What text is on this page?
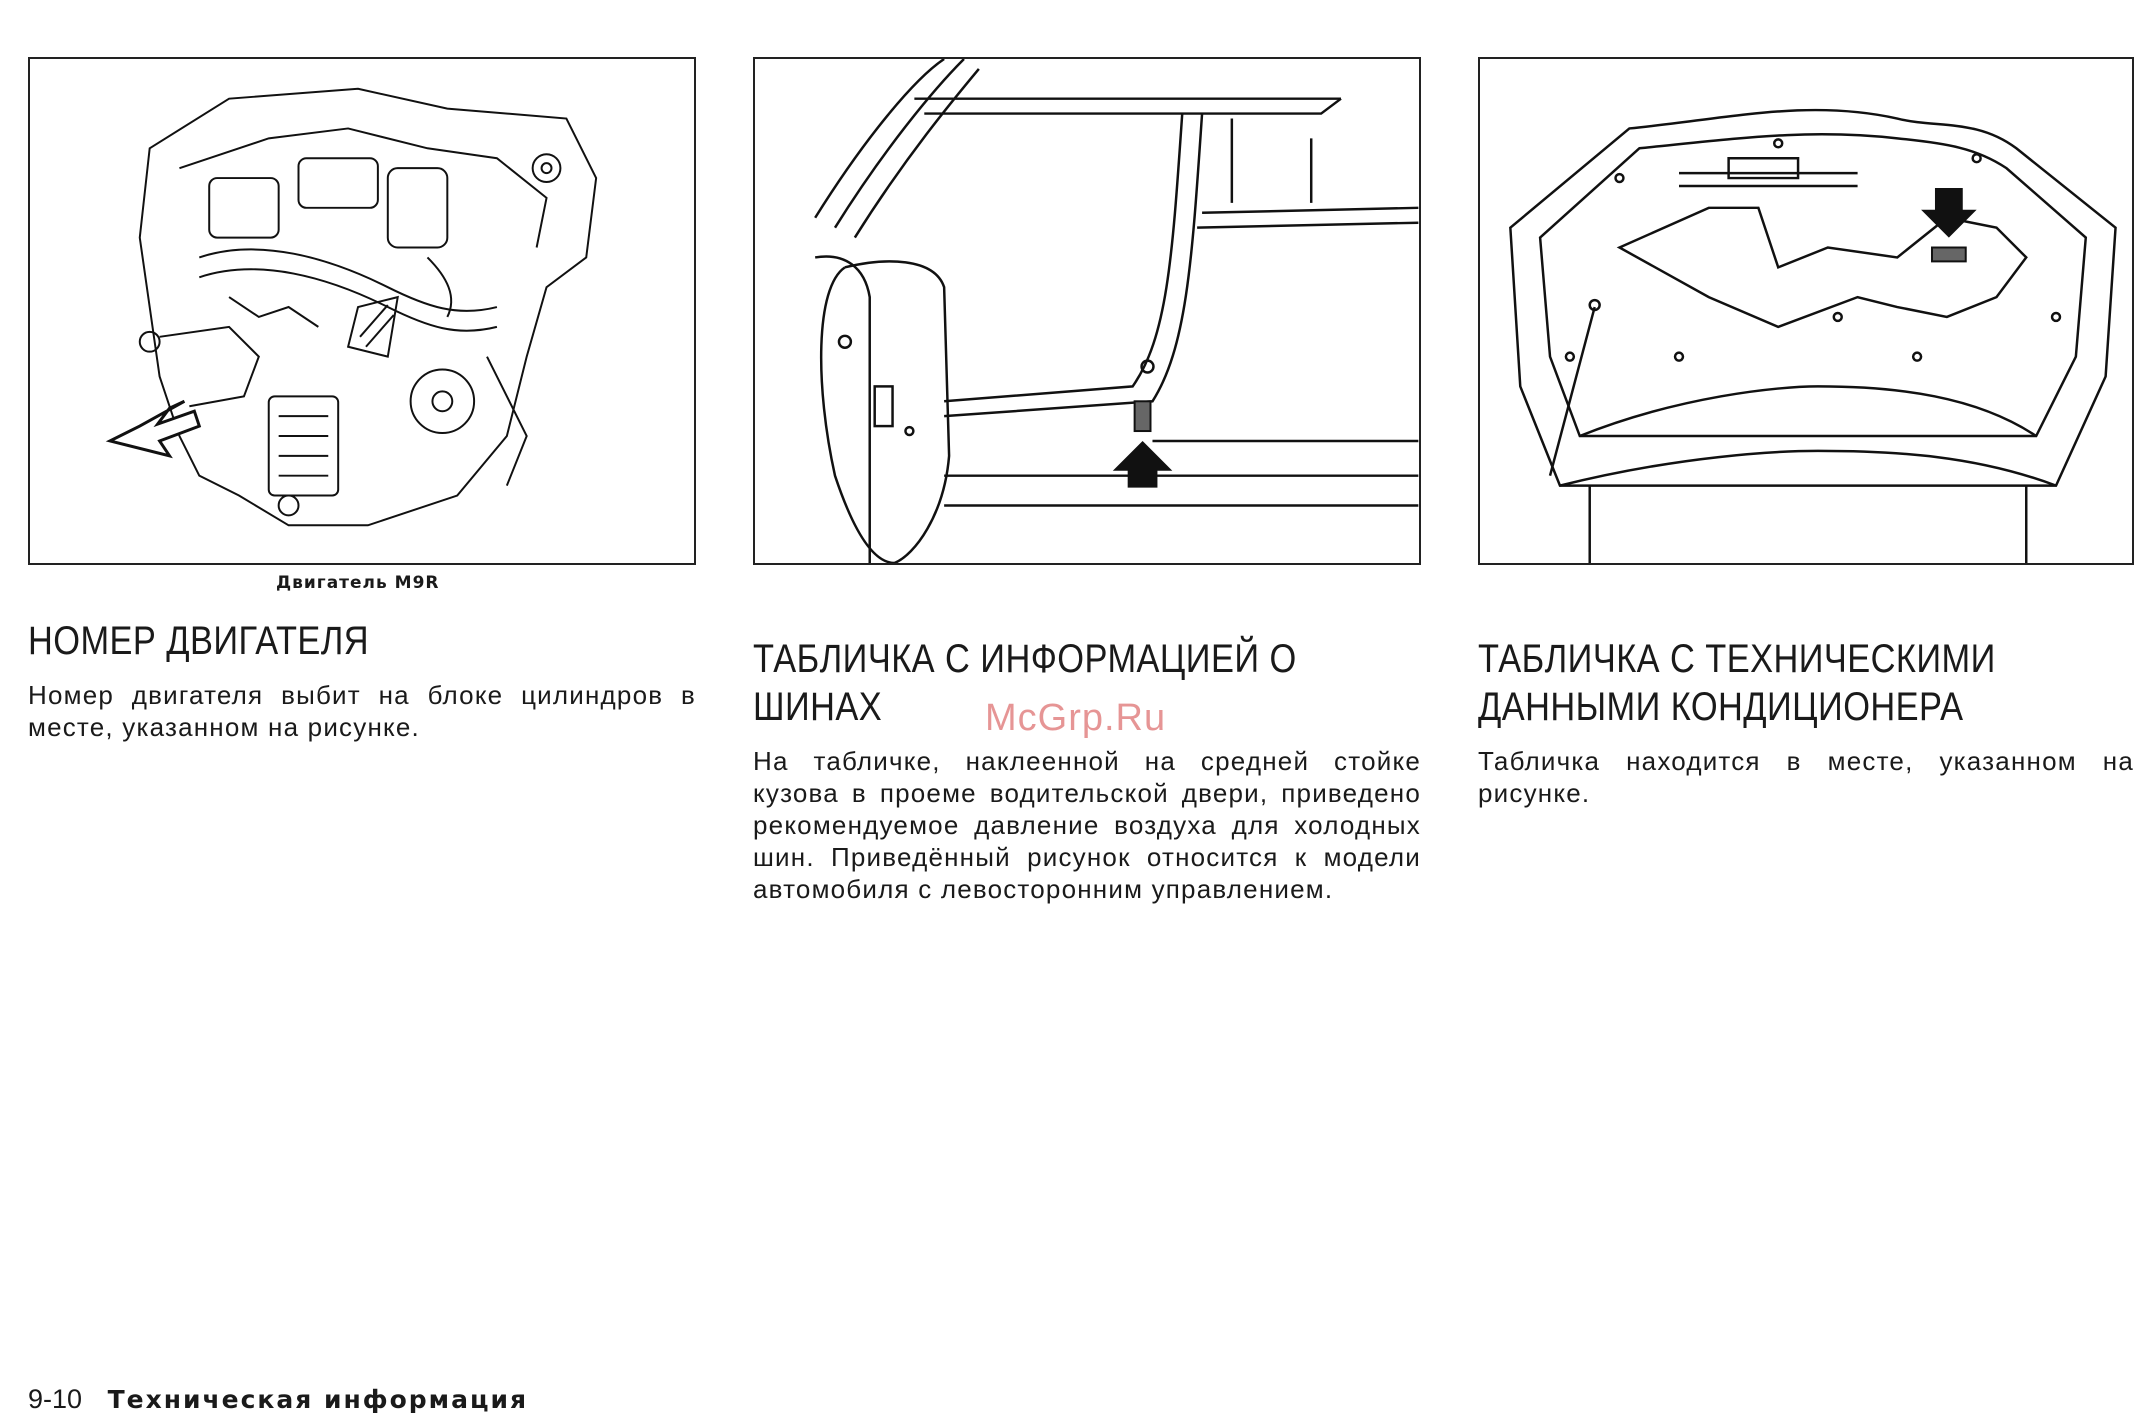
Двигатель M9R
НОМЕР ДВИГАТЕЛЯ
Номер двигателя выбит на блоке цилиндров в месте, указанном на рисунке.
ТАБЛИЧКА С ИНФОРМАЦИЕЙ О ШИНАХ
На табличке, наклеенной на средней стойке кузова в проеме водительской двери, приведено рекомендуемое давление воздуха для холодных шин. Приведённый рисунок относится к модели автомобиля с левосторонним управлением.
ТАБЛИЧКА С ТЕХНИЧЕСКИМИ ДАННЫМИ КОНДИЦИОНЕРА
Табличка находится в месте, указанном на рисунке.
McGrp.Ru
9-10 Техническая информация
